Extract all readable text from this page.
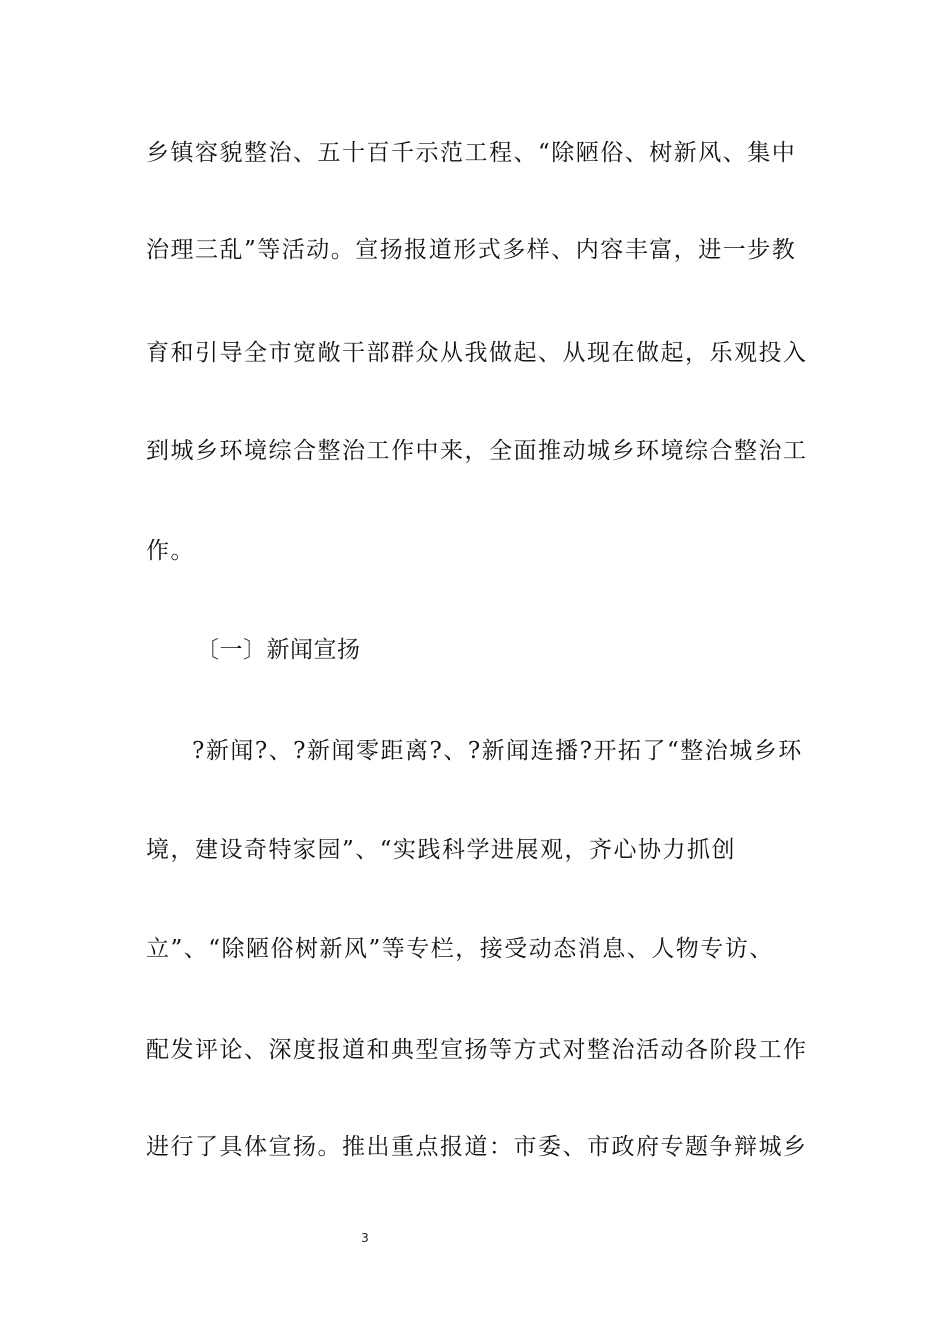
乡镇容貌整治、五十百千示范工程、“除陋俗、树新风、集中
治理三乱”等活动。宣扬报道形式多样、内容丰富，进一步教
育和引导全市宽敞干部群众从我做起、从现在做起，乐观投入
到城乡环境综合整治工作中来，全面推动城乡环境综合整治工
作。
〔一〕新闻宣扬
?新闻?、?新闻零距离?、?新闻连播?开拓了“整治城乡环
境，建设奇特家园”、“实践科学进展观，齐心协力抓创
立”、“除陋俗树新风”等专栏，接受动态消息、人物专访、
配发评论、深度报道和典型宣扬等方式对整治活动各阶段工作
进行了具体宣扬。推出重点报道：市委、市政府专题争辩城乡
3
